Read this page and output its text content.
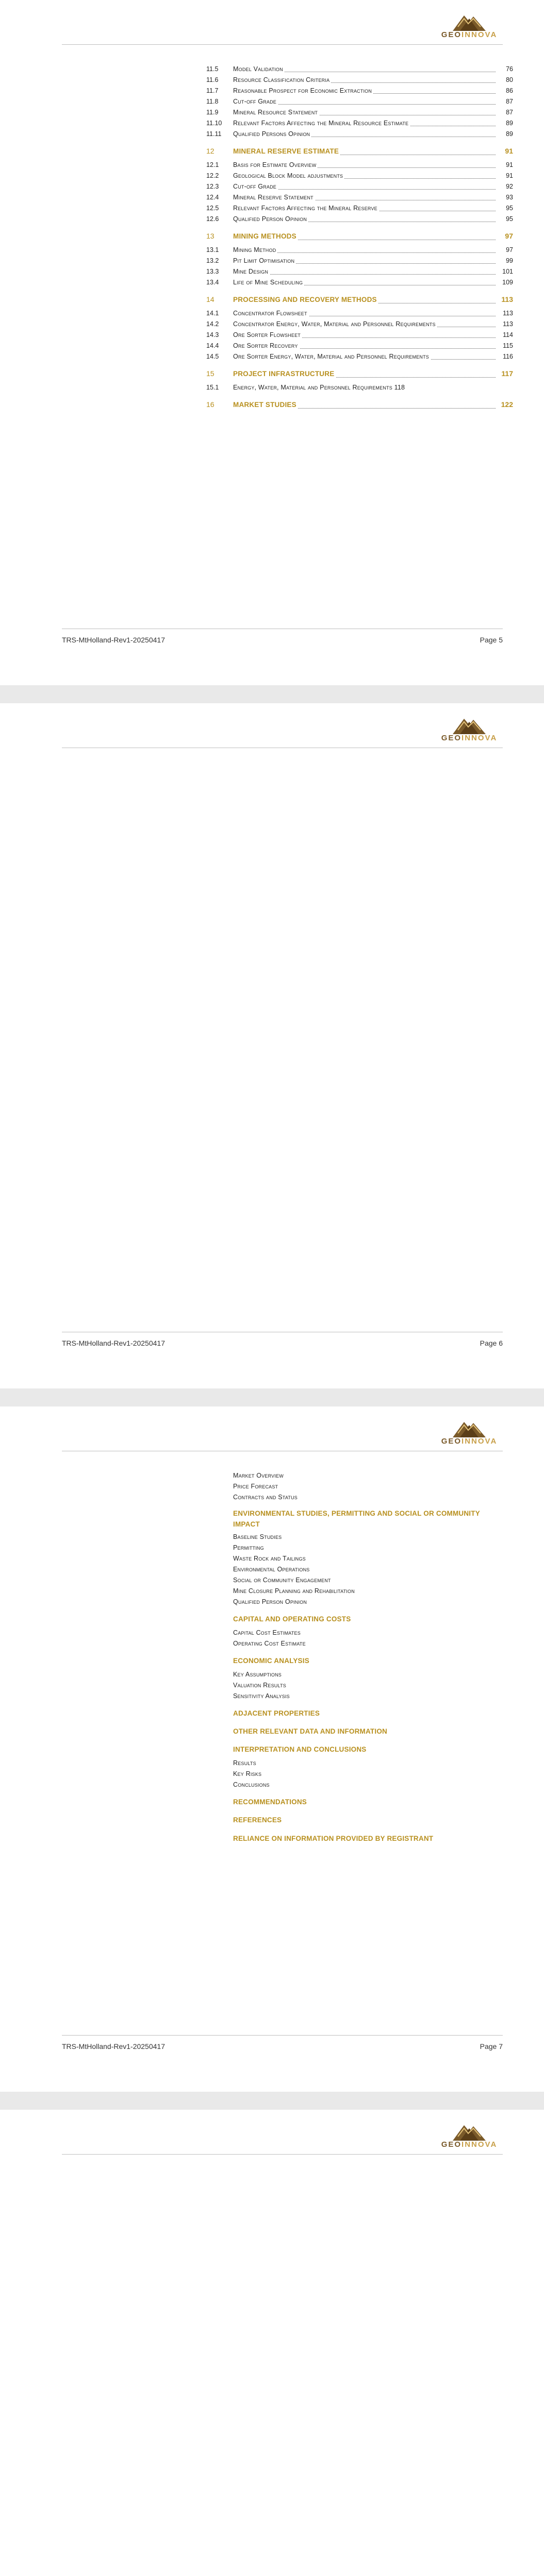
GEOINNOVA
11.5	Model Validation	76
11.6	Resource Classification Criteria	80
11.7	Reasonable Prospect for Economic Extraction	86
11.8	Cut-off Grade	87
11.9	Mineral Resource Statement	87
11.10	Relevant Factors Affecting the Mineral Resource Estimate	89
11.11	Qualified Persons Opinion	89
12	MINERAL RESERVE ESTIMATE	91
12.1	Basis for Estimate Overview	91
12.2	Geological Block Model adjustments	91
12.3	Cut-off Grade	92
12.4	Mineral Reserve Statement	93
12.5	Relevant Factors Affecting the Mineral Reserve	95
12.6	Qualified Person Opinion	95
13	MINING METHODS	97
13.1	Mining Method	97
13.2	Pit Limit Optimisation	99
13.3	Mine Design	101
13.4	Life of Mine Scheduling	109
14	PROCESSING AND RECOVERY METHODS	113
14.1	Concentrator Flowsheet	113
14.2	Concentrator Energy, Water, Material and Personnel Requirements	113
14.3	Ore Sorter Flowsheet	114
14.4	Ore Sorter Recovery	115
14.5	Ore Sorter Energy, Water, Material and Personnel Requirements	116
15	PROJECT INFRASTRUCTURE	117
15.1	Energy, Water, Material and Personnel Requirements 118
16	MARKET STUDIES	122
TRS-MtHolland-Rev1-20250417	Page 5
GEOINNOVA
Market Overview
Price Forecast
Contracts and Status
ENVIRONMENTAL STUDIES, PERMITTING AND SOCIAL OR COMMUNITY IMPACT
Baseline Studies
Permitting
Waste Rock and Tailings
Environmental Operations
Social or Community Engagement
Mine Closure Planning and Rehabilitation
Qualified Person Opinion
CAPITAL AND OPERATING COSTS
Capital Cost Estimates
Operating Cost Estimate
ECONOMIC ANALYSIS
Key Assumptions
Valuation Results
Sensitivity Analysis
ADJACENT PROPERTIES
OTHER RELEVANT DATA AND INFORMATION
INTERPRETATION AND CONCLUSIONS
Results
Key Risks
Conclusions
RECOMMENDATIONS
REFERENCES
RELIANCE ON INFORMATION PROVIDED BY REGISTRANT
TRS-MtHolland-Rev1-20250417	Page 6
GEOINNOVA
TRS-MtHolland-Rev1-20250417	Page 7
GEOINNOVA
